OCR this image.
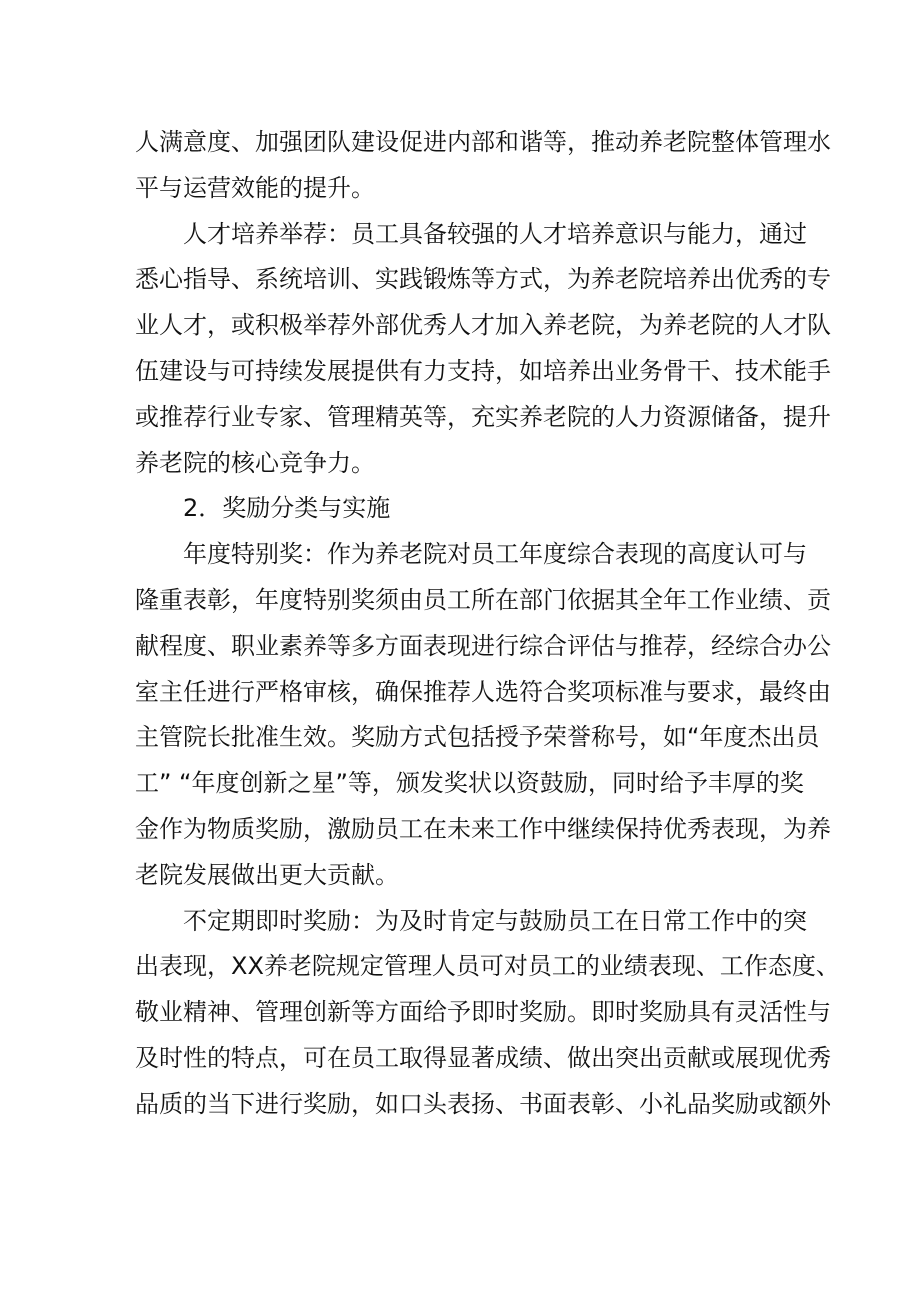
人满意度、加强团队建设促进内部和谐等，推动养老院整体管理水
平与运营效能的提升。
人才培养举荐：员工具备较强的人才培养意识与能力，通过
悉心指导、系统培训、实践锻炼等方式，为养老院培养出优秀的专
业人才，或积极举荐外部优秀人才加入养老院，为养老院的人才队
伍建设与可持续发展提供有力支持，如培养出业务骨干、技术能手
或推荐行业专家、管理精英等，充实养老院的人力资源储备，提升
养老院的核心竞争力。
2．奖励分类与实施
年度特别奖：作为养老院对员工年度综合表现的高度认可与
隆重表彰，年度特别奖须由员工所在部门依据其全年工作业绩、贡
献程度、职业素养等多方面表现进行综合评估与推荐，经综合办公
室主任进行严格审核，确保推荐人选符合奖项标准与要求，最终由
主管院长批准生效。奖励方式包括授予荣誉称号，如“年度杰出员
工” “年度创新之星”等，颁发奖状以资鼓励，同时给予丰厚的奖
金作为物质奖励，激励员工在未来工作中继续保持优秀表现，为养
老院发展做出更大贡献。
不定期即时奖励：为及时肯定与鼓励员工在日常工作中的突
出表现，XX养老院规定管理人员可对员工的业绩表现、工作态度、
敬业精神、管理创新等方面给予即时奖励。即时奖励具有灵活性与
及时性的特点，可在员工取得显著成绩、做出突出贡献或展现优秀
品质的当下进行奖励，如口头表扬、书面表彰、小礼品奖励或额外
